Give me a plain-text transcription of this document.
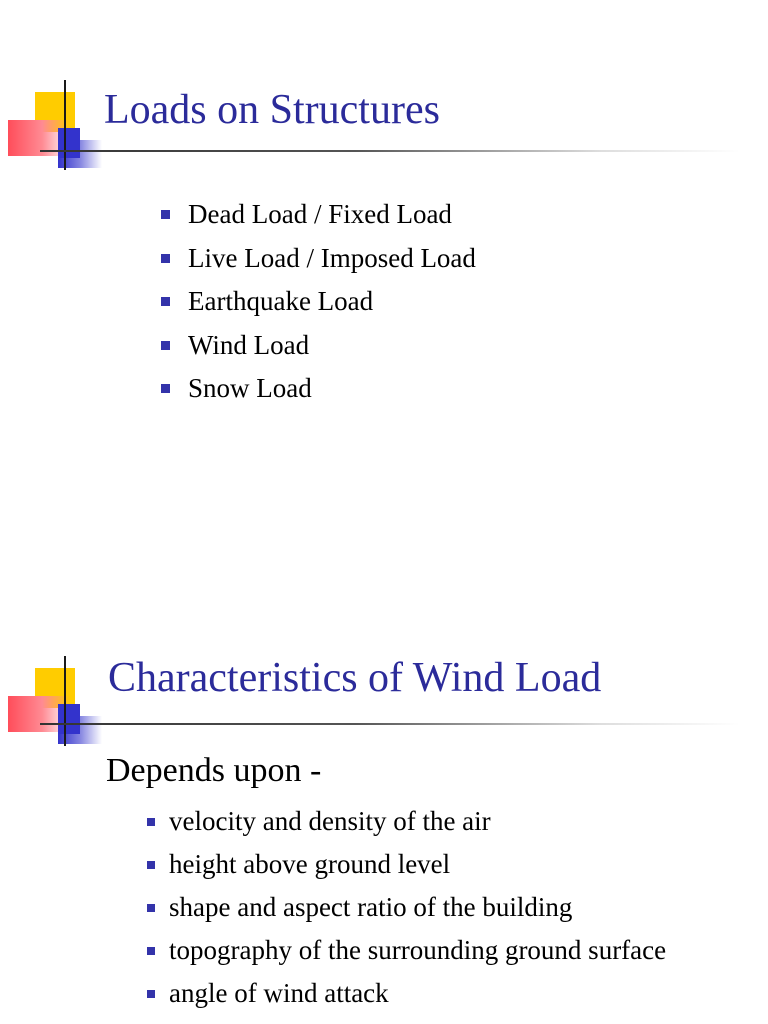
Loads on Structures
Dead Load / Fixed Load
Live Load / Imposed Load
Earthquake Load
Wind Load
Snow Load
Characteristics of Wind Load
Depends upon -
velocity and density of the air
height above ground level
shape and aspect ratio of the building
topography of the surrounding ground surface
angle of wind attack
